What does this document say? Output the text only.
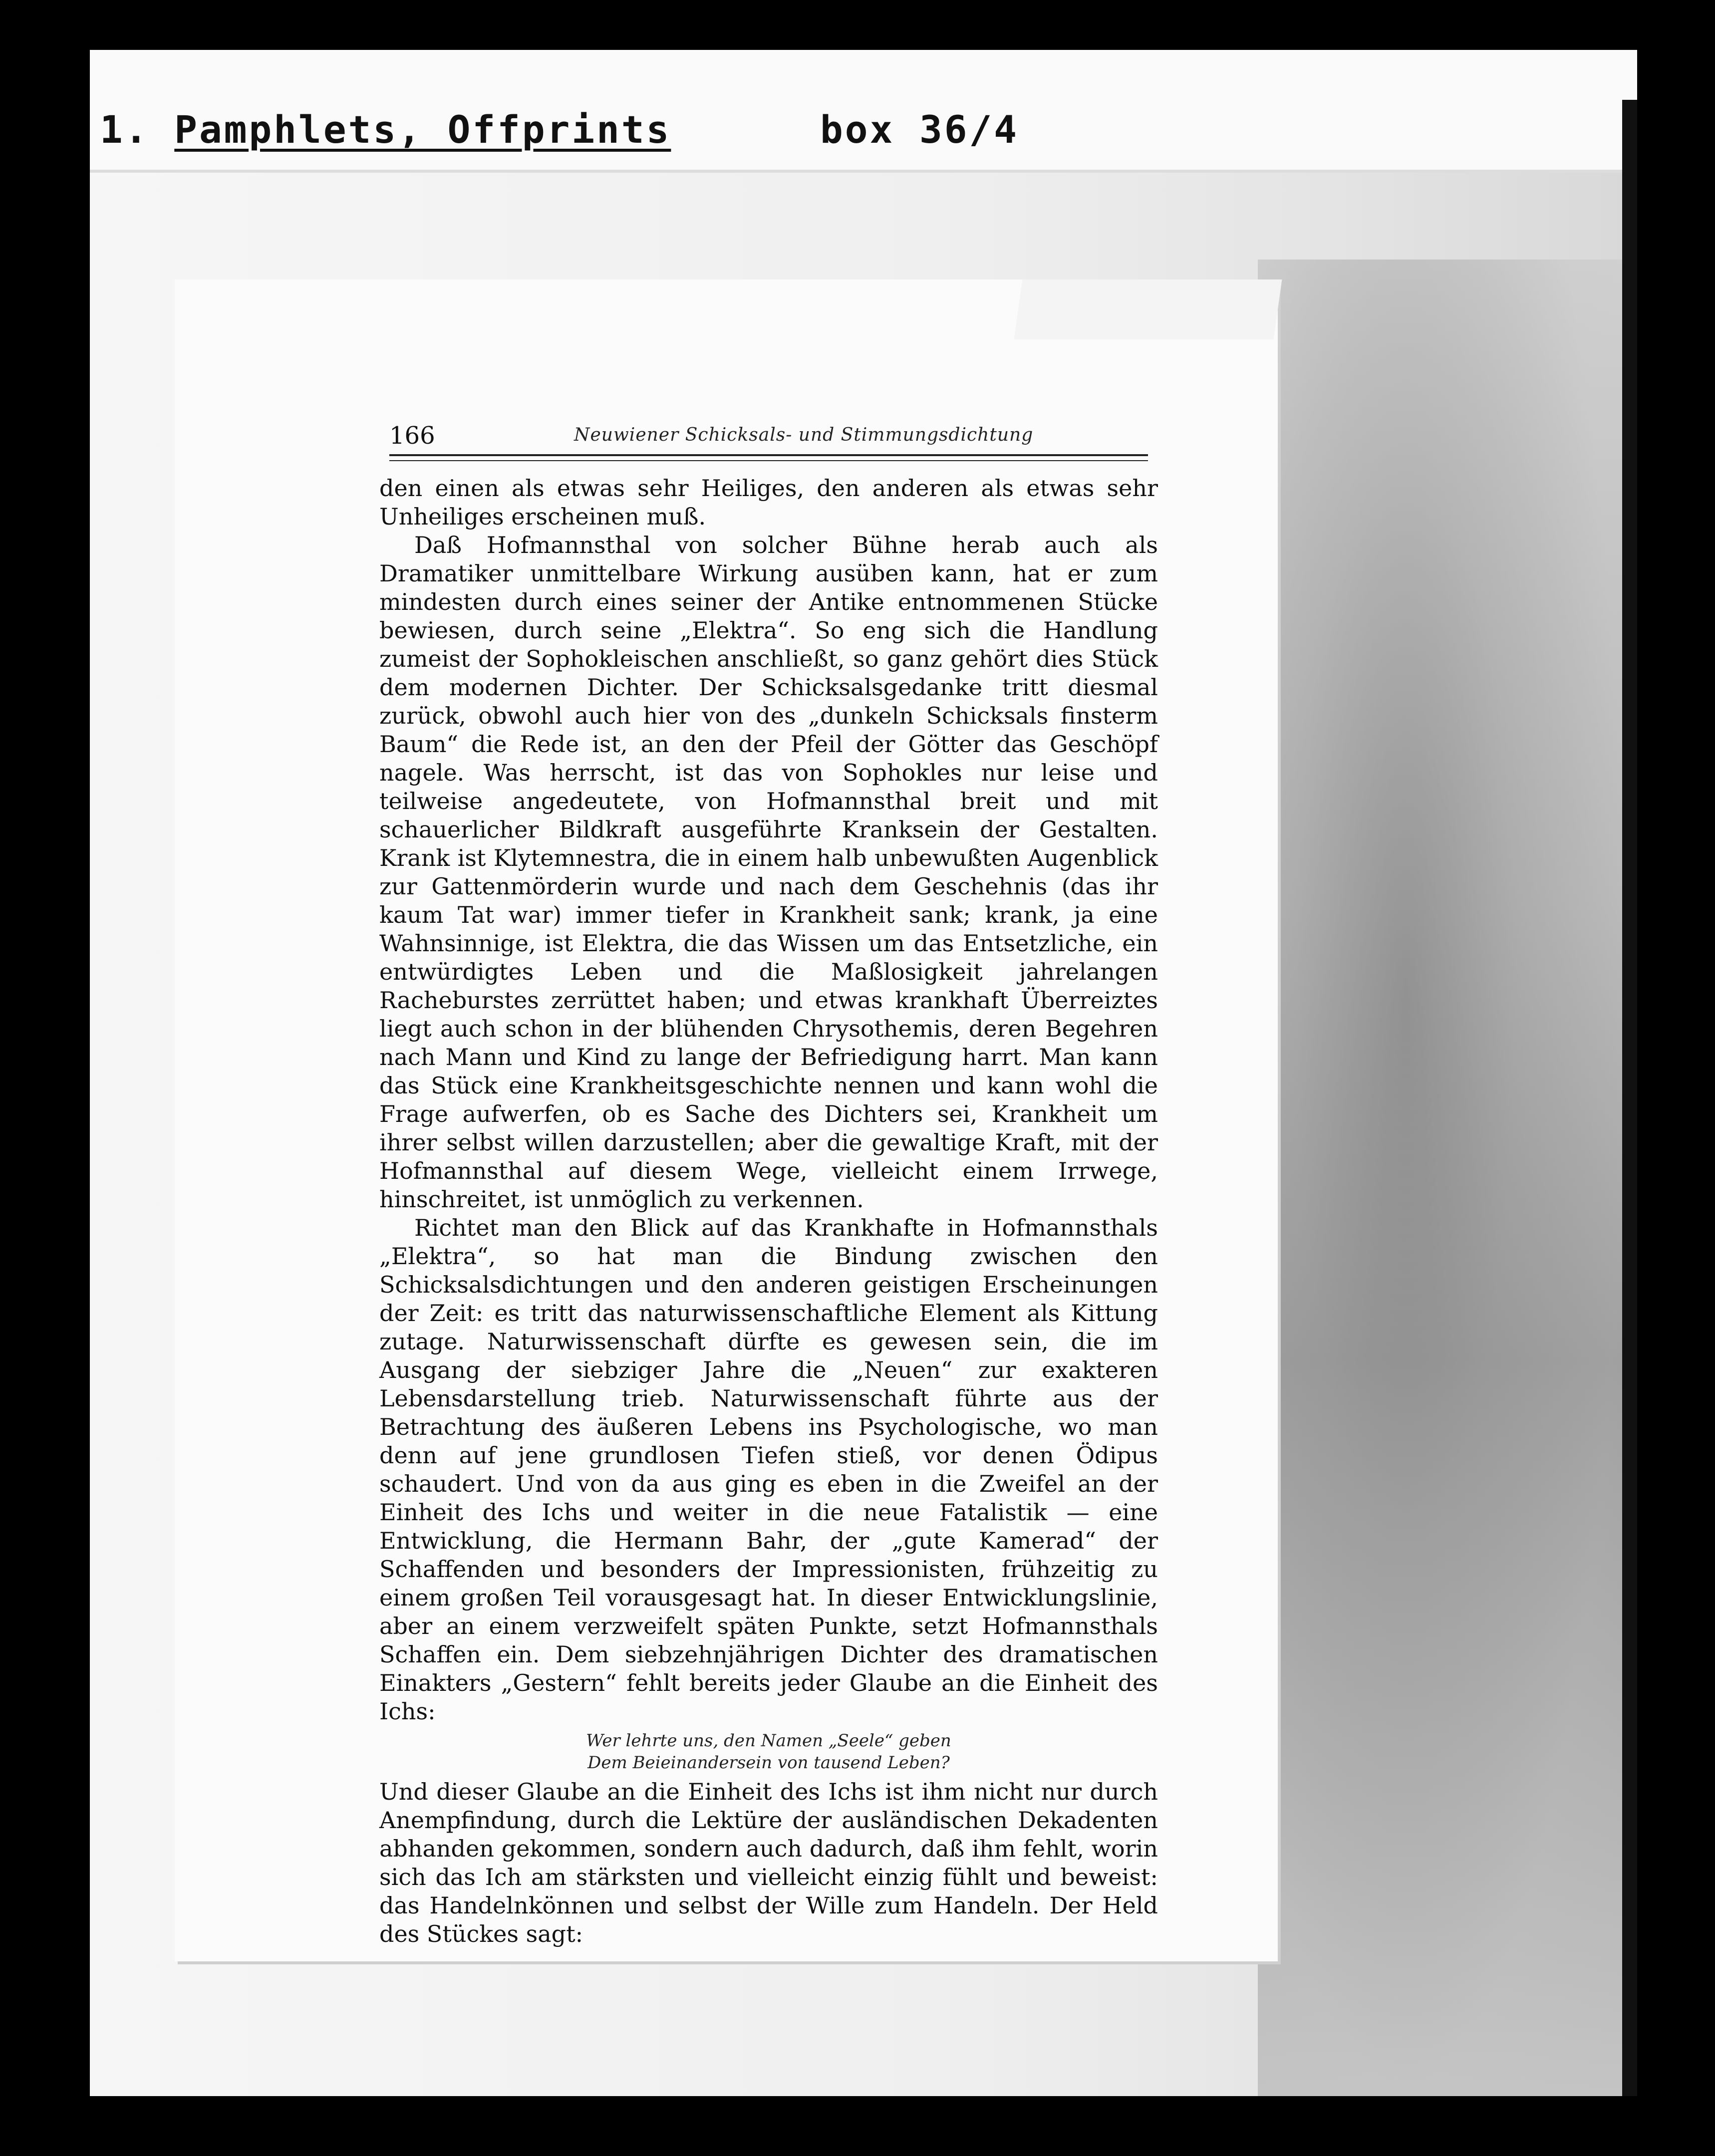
1. Pamphlets, Offprints	box 36/4
166	Neuwiener Schicksals- und Stimmungsdichtung

den einen als etwas sehr Heiliges, den anderen als etwas sehr Unheiliges erscheinen muß.

Daß Hofmannsthal von solcher Bühne herab auch als Dramatiker unmittelbare Wirkung ausüben kann, hat er zum mindesten durch eines seiner der Antike entnommenen Stücke bewiesen, durch seine „Elektra“. So eng sich die Handlung zumeist der Sophokleischen anschließt, so ganz gehört dies Stück dem modernen Dichter. Der Schicksalsgedanke tritt diesmal zurück, obwohl auch hier von des „dunkeln Schicksals finsterm Baum“ die Rede ist, an den der Pfeil der Götter das Geschöpf nagele. Was herrscht, ist das von Sophokles nur leise und teilweise angedeutete, von Hofmannsthal breit und mit schauerlicher Bildkraft ausgeführte Kranksein der Gestalten. Krank ist Klytemnestra, die in einem halb unbewußten Augenblick zur Gattenmörderin wurde und nach dem Geschehnis (das ihr kaum Tat war) immer tiefer in Krankheit sank; krank, ja eine Wahnsinnige, ist Elektra, die das Wissen um das Entsetzliche, ein entwürdigtes Leben und die Maßlosigkeit jahrelangen Racheburstes zerrüttet haben; und etwas krankhaft Überreiztes liegt auch schon in der blühenden Chrysothemis, deren Begehren nach Mann und Kind zu lange der Befriedigung harrt. Man kann das Stück eine Krankheitsgeschichte nennen und kann wohl die Frage aufwerfen, ob es Sache des Dichters sei, Krankheit um ihrer selbst willen darzustellen; aber die gewaltige Kraft, mit der Hofmannsthal auf diesem Wege, vielleicht einem Irrwege, hinschreitet, ist unmöglich zu verkennen.

Richtet man den Blick auf das Krankhafte in Hofmannsthals „Elektra“, so hat man die Bindung zwischen den Schicksalsdichtungen und den anderen geistigen Erscheinungen der Zeit: es tritt das naturwissenschaftliche Element als Kittung zutage. Naturwissenschaft dürfte es gewesen sein, die im Ausgang der siebziger Jahre die „Neuen“ zur exakteren Lebensdarstellung trieb. Naturwissenschaft führte aus der Betrachtung des äußeren Lebens ins Psychologische, wo man denn auf jene grundlosen Tiefen stieß, vor denen Ödipus schaudert. Und von da aus ging es eben in die Zweifel an der Einheit des Ichs und weiter in die neue Fatalistik — eine Entwicklung, die Hermann Bahr, der „gute Kamerad“ der Schaffenden und besonders der Impressionisten, frühzeitig zu einem großen Teil vorausgesagt hat. In dieser Entwicklungslinie, aber an einem verzweifelt späten Punkte, setzt Hofmannsthals Schaffen ein. Dem siebzehnjährigen Dichter des dramatischen Einakters „Gestern“ fehlt bereits jeder Glaube an die Einheit des Ichs:

Wer lehrte uns, den Namen „Seele“ geben
Dem Beieinandersein von tausend Leben?

Und dieser Glaube an die Einheit des Ichs ist ihm nicht nur durch Anempfindung, durch die Lektüre der ausländischen Dekadenten abhanden gekommen, sondern auch dadurch, daß ihm fehlt, worin sich das Ich am stärksten und vielleicht einzig fühlt und beweist: das Handelnkönnen und selbst der Wille zum Handeln. Der Held des Stückes sagt:
